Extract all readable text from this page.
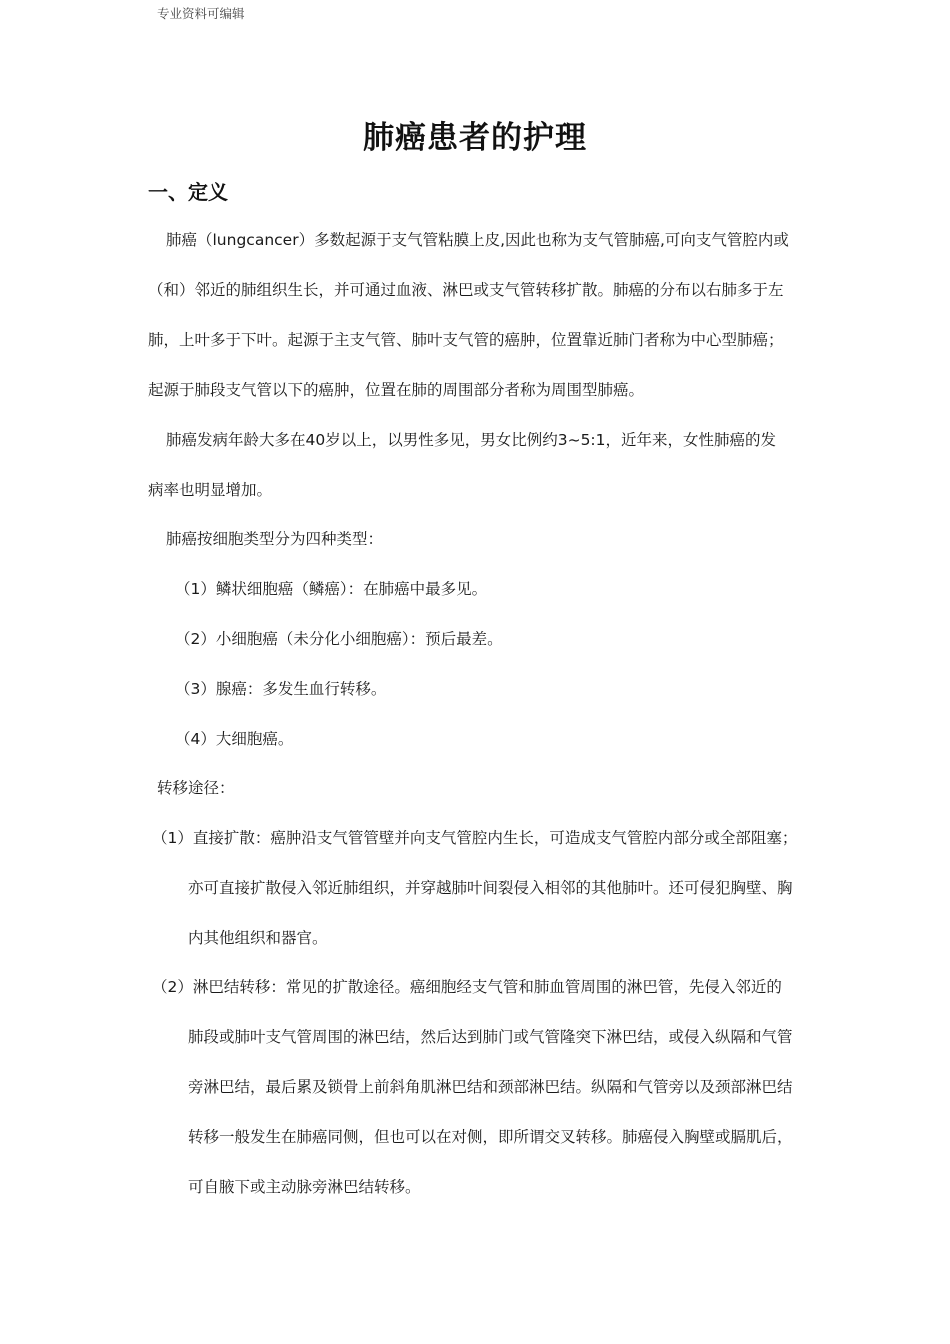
专业资料可编辑
肺癌患者的护理
一、定义
肺癌（lungcancer）多数起源于支气管粘膜上皮,因此也称为支气管肺癌,可向支气管腔内或
（和）邻近的肺组织生长，并可通过血液、淋巴或支气管转移扩散。肺癌的分布以右肺多于左
肺，上叶多于下叶。起源于主支气管、肺叶支气管的癌肿，位置靠近肺门者称为中心型肺癌；
起源于肺段支气管以下的癌肿，位置在肺的周围部分者称为周围型肺癌。
肺癌发病年龄大多在40岁以上，以男性多见，男女比例约3~5:1，近年来，女性肺癌的发
病率也明显增加。
肺癌按细胞类型分为四种类型：
（1）鳞状细胞癌（鳞癌）：在肺癌中最多见。
（2）小细胞癌（未分化小细胞癌）：预后最差。
（3）腺癌：多发生血行转移。
（4）大细胞癌。
转移途径：
（1）直接扩散：癌肿沿支气管管壁并向支气管腔内生长，可造成支气管腔内部分或全部阻塞；
亦可直接扩散侵入邻近肺组织，并穿越肺叶间裂侵入相邻的其他肺叶。还可侵犯胸壁、胸
内其他组织和器官。
（2）淋巴结转移：常见的扩散途径。癌细胞经支气管和肺血管周围的淋巴管，先侵入邻近的
肺段或肺叶支气管周围的淋巴结，然后达到肺门或气管隆突下淋巴结，或侵入纵隔和气管
旁淋巴结，最后累及锁骨上前斜角肌淋巴结和颈部淋巴结。纵隔和气管旁以及颈部淋巴结
转移一般发生在肺癌同侧，但也可以在对侧，即所谓交叉转移。肺癌侵入胸壁或膈肌后，
可自腋下或主动脉旁淋巴结转移。
